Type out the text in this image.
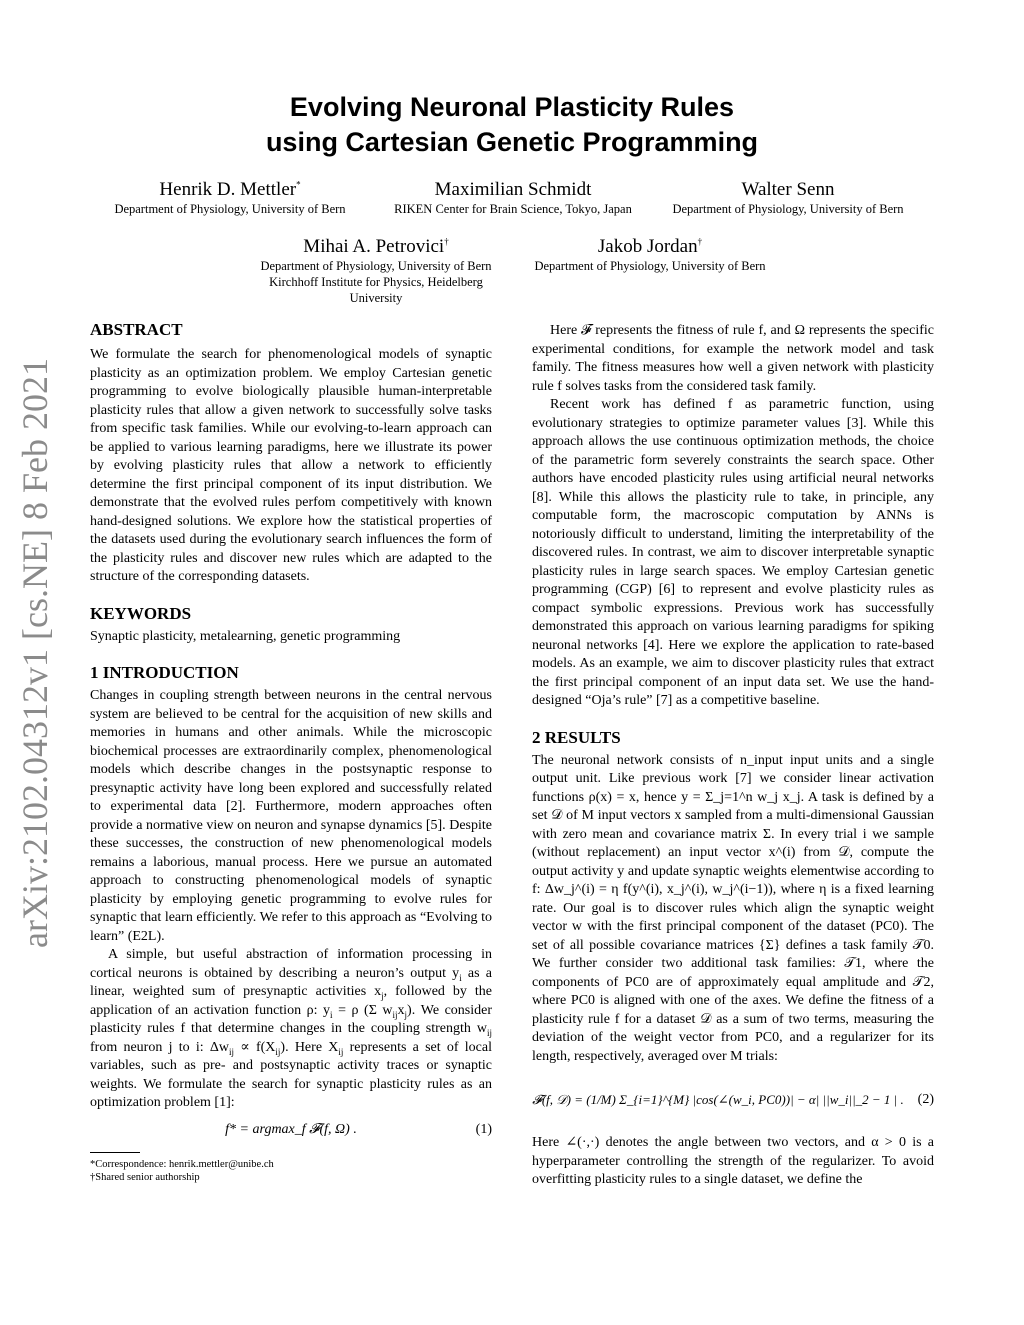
arXiv:2102.04312v1 [cs.NE] 8 Feb 2021
Evolving Neuronal Plasticity Rules
using Cartesian Genetic Programming
Henrik D. Mettler*
Department of Physiology, University of Bern
Maximilian Schmidt
RIKEN Center for Brain Science, Tokyo, Japan
Walter Senn
Department of Physiology, University of Bern
Mihai A. Petrovici†
Department of Physiology, University of Bern
Kirchhoff Institute for Physics, Heidelberg
University
Jakob Jordan†
Department of Physiology, University of Bern
ABSTRACT
We formulate the search for phenomenological models of synaptic plasticity as an optimization problem. We employ Cartesian genetic programming to evolve biologically plausible human-interpretable plasticity rules that allow a given network to successfully solve tasks from specific task families. While our evolving-to-learn approach can be applied to various learning paradigms, here we illustrate its power by evolving plasticity rules that allow a network to efficiently determine the first principal component of its input distribution. We demonstrate that the evolved rules perfom competitively with known hand-designed solutions. We explore how the statistical properties of the datasets used during the evolutionary search influences the form of the plasticity rules and discover new rules which are adapted to the structure of the corresponding datasets.
KEYWORDS
Synaptic plasticity, metalearning, genetic programming
1 INTRODUCTION
Changes in coupling strength between neurons in the central nervous system are believed to be central for the acquisition of new skills and memories in humans and other animals. While the microscopic biochemical processes are extraordinarily complex, phenomenological models which describe changes in the postsynaptic response to presynaptic activity have long been explored and successfully related to experimental data [2]. Furthermore, modern approaches often provide a normative view on neuron and synapse dynamics [5]. Despite these successes, the construction of new phenomenological models remains a laborious, manual process. Here we pursue an automated approach to constructing phenomenological models of synaptic plasticity by employing genetic programming to evolve rules for synaptic that learn efficiently. We refer to this approach as “Evolving to learn” (E2L).
A simple, but useful abstraction of information processing in cortical neurons is obtained by describing a neuron’s output $y_i$ as a linear, weighted sum of presynaptic activities $x_j$, followed by the application of an activation function ρ: $y_i = \rho$ (Σ $w_{ij}x_j$). We consider plasticity rules f that determine changes in the coupling strength $w_{ij}$ from neuron j to i: $\Delta w_{ij} \propto f(X_{ij})$. Here $X_{ij}$ represents a set of local variables, such as pre- and postsynaptic activity traces or synaptic weights. We formulate the search for synaptic plasticity rules as an optimization problem [1]:
f* = argmax_f 𝓕(f, Ω) .	(1)
*Correspondence: henrik.mettler@unibe.ch
†Shared senior authorship
Here 𝓕 represents the fitness of rule f, and Ω represents the specific experimental conditions, for example the network model and task family. The fitness measures how well a given network with plasticity rule f solves tasks from the considered task family.
Recent work has defined f as parametric function, using evolutionary strategies to optimize parameter values [3]. While this approach allows the use continuous optimization methods, the choice of the parametric form severely constraints the search space. Other authors have encoded plasticity rules using artificial neural networks [8]. While this allows the plasticity rule to take, in principle, any computable form, the macroscopic computation by ANNs is notoriously difficult to understand, limiting the interpretability of the discovered rules. In contrast, we aim to discover interpretable synaptic plasticity rules in large search spaces. We employ Cartesian genetic programming (CGP) [6] to represent and evolve plasticity rules as compact symbolic expressions. Previous work has successfully demonstrated this approach on various learning paradigms for spiking neuronal networks [4]. Here we explore the application to rate-based models. As an example, we aim to discover plasticity rules that extract the first principal component of an input data set. We use the hand-designed “Oja’s rule” [7] as a competitive baseline.
2 RESULTS
The neuronal network consists of n_input input units and a single output unit. Like previous work [7] we consider linear activation functions ρ(x) = x, hence y = Σ_j=1^n w_j x_j. A task is defined by a set 𝒟 of M input vectors x sampled from a multi-dimensional Gaussian with zero mean and covariance matrix Σ. In every trial i we sample (without replacement) an input vector x^(i) from 𝒟, compute the output activity y and update synaptic weights elementwise according to f: Δw_j^(i) = η f(y^(i), x_j^(i), w_j^(i−1)), where η is a fixed learning rate. Our goal is to discover rules which align the synaptic weight vector w with the first principal component of the dataset (PC0). The set of all possible covariance matrices {Σ} defines a task family 𝒯0. We further consider two additional task families: 𝒯1, where the components of PC0 are of approximately equal amplitude and 𝒯2, where PC0 is aligned with one of the axes. We define the fitness of a plasticity rule f for a dataset 𝒟 as a sum of two terms, measuring the deviation of the weight vector from PC0, and a regularizer for its length, respectively, averaged over M trials:
𝓕(f, 𝒟) = (1/M) Σ_{i=1}^{M} |cos(∠(w_i, PC0))| − α| ||w_i||_2 − 1 | . (2)
Here ∠(·,·) denotes the angle between two vectors, and α > 0 is a hyperparameter controlling the strength of the regularizer. To avoid overfitting plasticity rules to a single dataset, we define the
